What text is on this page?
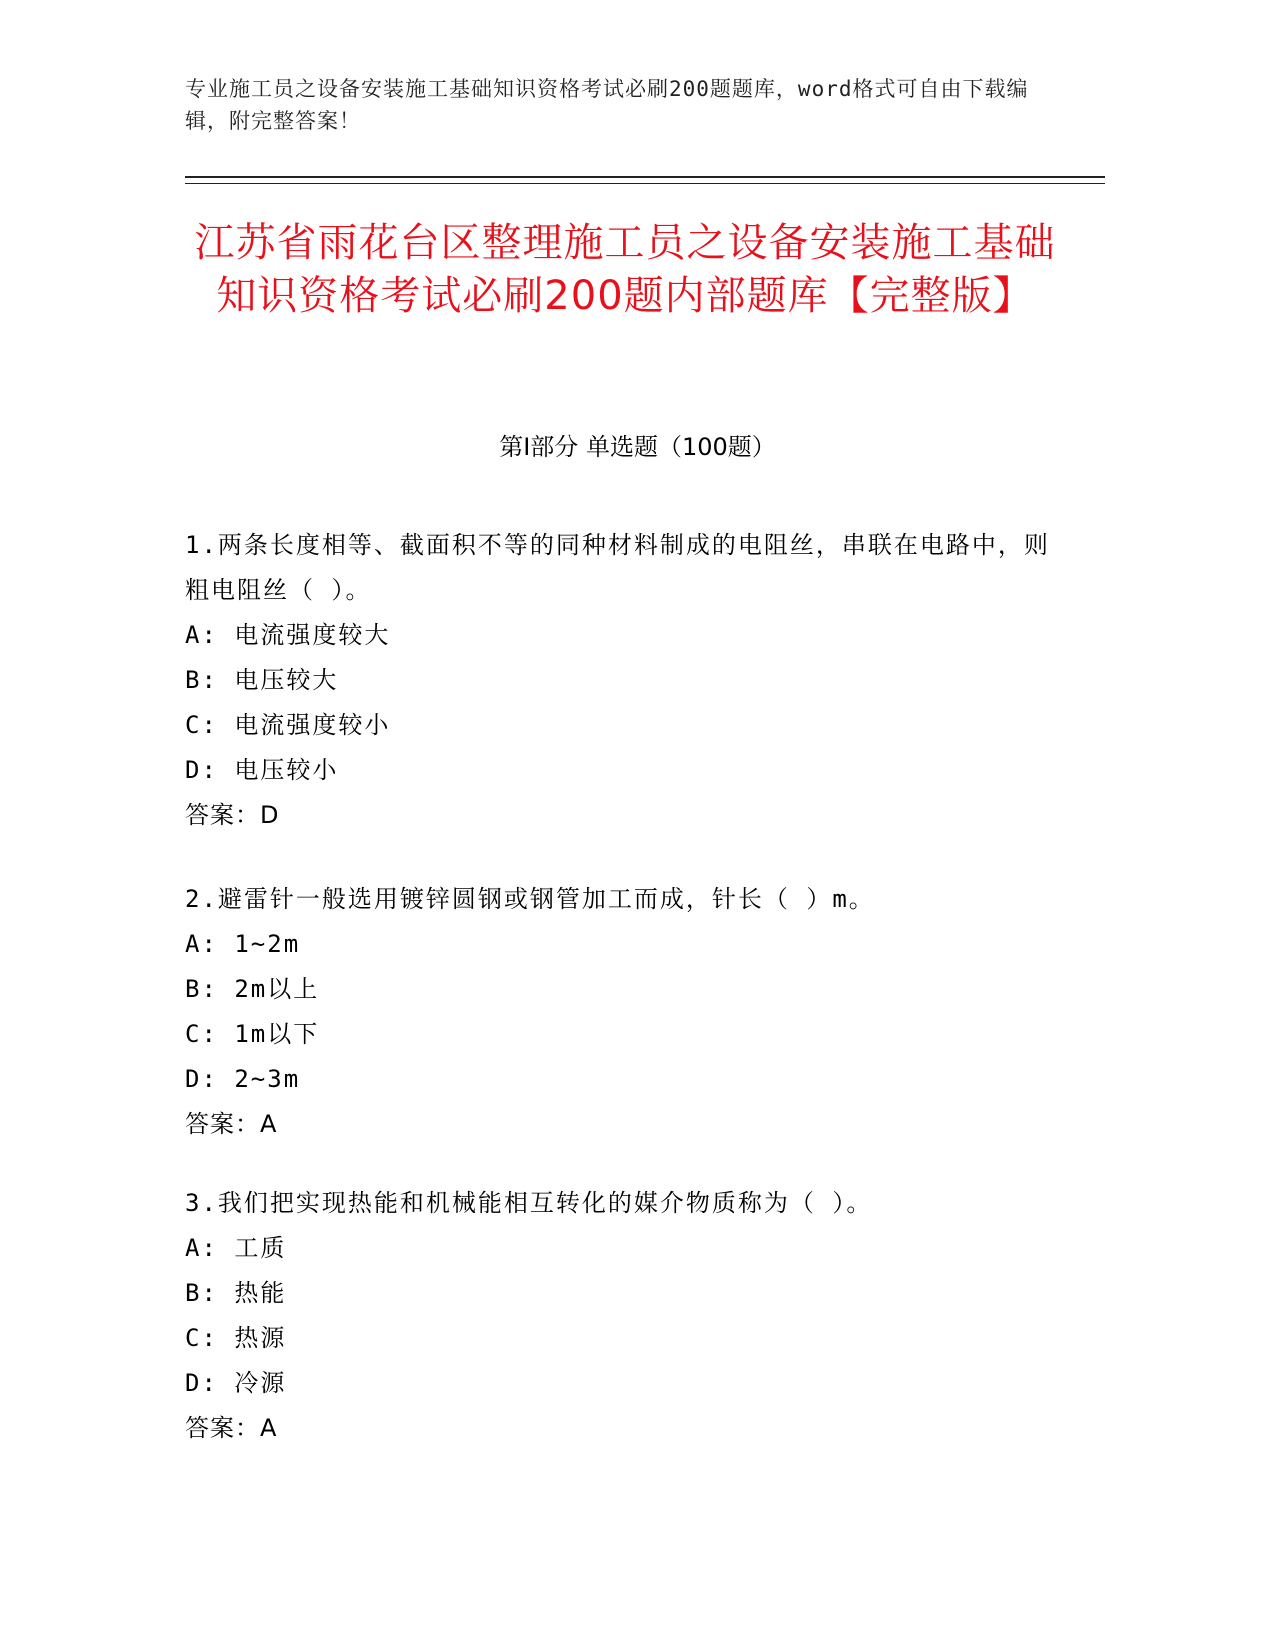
专业施工员之设备安装施工基础知识资格考试必刷200题题库，word格式可自由下载编辑，附完整答案！
江苏省雨花台区整理施工员之设备安装施工基础知识资格考试必刷200题内部题库【完整版】
第I部分 单选题（100题）

1.两条长度相等、截面积不等的同种材料制成的电阻丝，串联在电路中，则粗电阻丝（ ）。

A: 电流强度较大

B: 电压较大

C: 电流强度较小

D: 电压较小

答案：D

2.避雷针一般选用镀锌圆钢或钢管加工而成，针长（ ）m。

A: 1~2m

B: 2m以上

C: 1m以下

D: 2~3m

答案：A

3.我们把实现热能和机械能相互转化的媒介物质称为（ ）。

A: 工质

B: 热能

C: 热源

D: 冷源

答案：A
